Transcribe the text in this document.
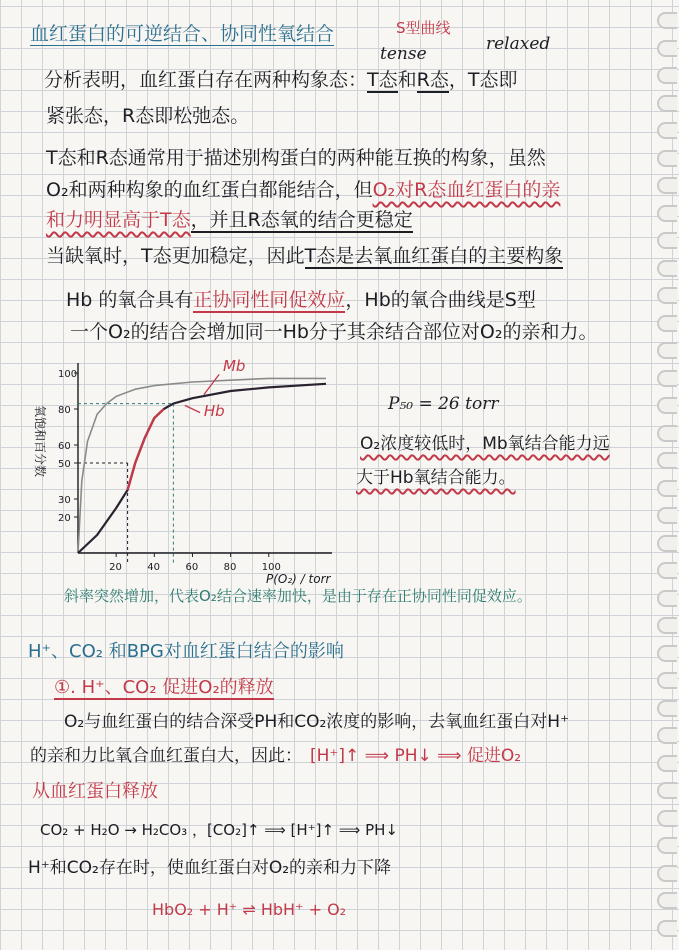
血红蛋白的可逆结合、协同性氧结合	S型曲线
tense	relaxed
分析表明，血红蛋白存在两种构象态：T态和R态，T态即
紧张态，R态即松弛态。
T态和R态通常用于描述别构蛋白的两种能互换的构象，虽然
O₂和两种构象的血红蛋白都能结合，但O₂对R态血红蛋白的亲
和力明显高于T态，并且R态氧的结合更稳定
当缺氧时，T态更加稳定，因此T态是去氧血红蛋白的主要构象
Hb 的氧合具有正协同性同促效应，Hb的氧合曲线是S型
一个O₂的结合会增加同一Hb分子其余结合部位对O₂的亲和力。
氧饱和百分数
20	40	60	80	100
20
30
50
60
80
100	Mb
Hb
P(O₂) / torr
P₅₀ = 26 torr
O₂浓度较低时，Mb氧结合能力远
大于Hb氧结合能力。
斜率突然增加，代表O₂结合速率加快，是由于存在正协同性同促效应。
H⁺、CO₂ 和BPG对血红蛋白结合的影响
①. H⁺、CO₂ 促进O₂的释放
O₂与血红蛋白的结合深受PH和CO₂浓度的影响，去氧血红蛋白对H⁺
的亲和力比氧合血红蛋白大，因此： [H⁺]↑ ⟹ PH↓ ⟹ 促进O₂
从血红蛋白释放
CO₂ + H₂O → H₂CO₃ ，[CO₂]↑ ⟹ [H⁺]↑ ⟹ PH↓
H⁺和CO₂存在时，使血红蛋白对O₂的亲和力下降
HbO₂ + H⁺ ⇌ HbH⁺ + O₂
